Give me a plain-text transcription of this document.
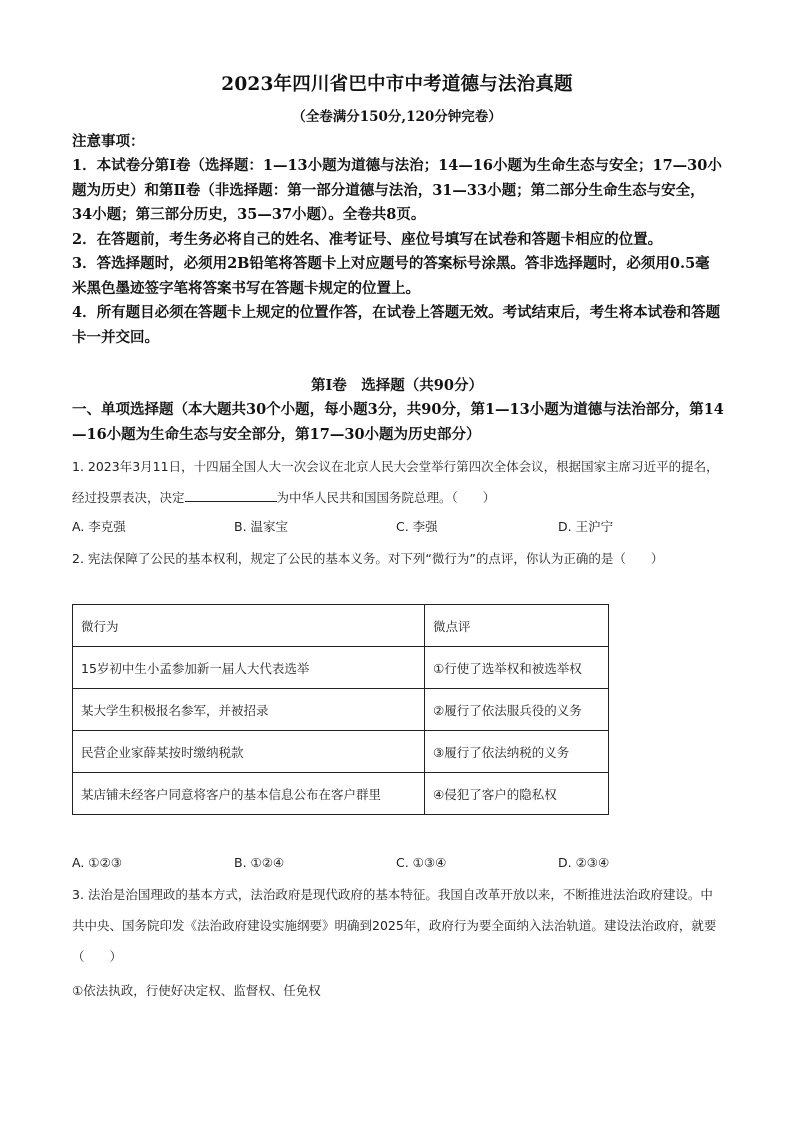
2023年四川省巴中市中考道德与法治真题
（全卷满分150分,120分钟完卷）
注意事项：

1．本试卷分第Ⅰ卷（选择题：1—13小题为道德与法治；14—16小题为生命生态与安全；17—30小题为历史）和第Ⅱ卷（非选择题：第一部分道德与法治，31—33小题；第二部分生命生态与安全，34小题；第三部分历史，35—37小题）。全卷共8页。

2．在答题前，考生务必将自己的姓名、准考证号、座位号填写在试卷和答题卡相应的位置。

3．答选择题时，必须用2B铅笔将答题卡上对应题号的答案标号涂黑。答非选择题时，必须用0.5毫米黑色墨迹签字笔将答案书写在答题卡规定的位置上。

4．所有题目必须在答题卡上规定的位置作答，在试卷上答题无效。考试结束后，考生将本试卷和答题卡一并交回。

第Ⅰ卷　选择题（共90分）

一、单项选择题（本大题共30个小题，每小题3分，共90分，第1—13小题为道德与法治部分，第14—16小题为生命生态与安全部分，第17—30小题为历史部分）

1. 2023年3月11日，十四届全国人大一次会议在北京人民大会堂举行第四次全体会议，根据国家主席习近平的提名，经过投票表决，决定	为中华人民共和国国务院总理。（　　）
A. 李克强	B. 温家宝	C. 李强	D. 王沪宁
2. 宪法保障了公民的基本权利，规定了公民的基本义务。对下列“微行为”的点评，你认为正确的是（　　）
微行为	微点评
15岁初中生小孟参加新一届人大代表选举	①行使了选举权和被选举权
某大学生积极报名参军，并被招录	②履行了依法服兵役的义务
民营企业家薛某按时缴纳税款	③履行了依法纳税的义务
某店铺未经客户同意将客户的基本信息公布在客户群里	④侵犯了客户的隐私权
A. ①②③	B. ①②④	C. ①③④	D. ②③④
3. 法治是治国理政的基本方式，法治政府是现代政府的基本特征。我国自改革开放以来，不断推进法治政府建设。中共中央、国务院印发《法治政府建设实施纲要》明确到2025年，政府行为要全面纳入法治轨道。建设法治政府，就要（　　）
①依法执政，行使好决定权、监督权、任免权
